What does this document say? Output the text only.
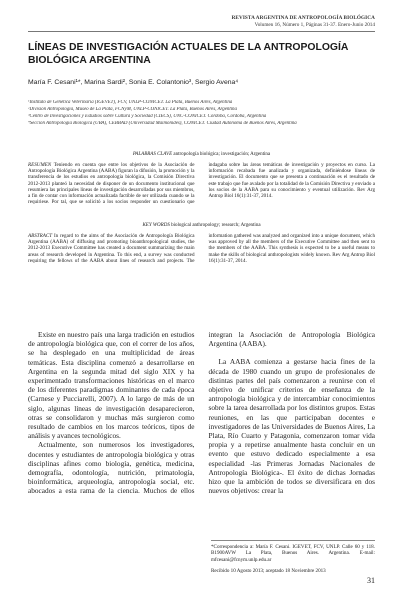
REVISTA ARGENTINA DE ANTROPOLOGÍA BIOLÓGICA
Volumen 16, Número 1, Páginas 31-37. Enero-Junio 2014
LÍNEAS DE INVESTIGACIÓN ACTUALES DE LA ANTROPOLOGÍA BIOLÓGICA ARGENTINA
María F. Cesani¹*, Marina Sardi², Sonia E. Colantonio³, Sergio Avena⁴
¹Instituto de Genética Veterinaria (IGEVET), FCV, UNLP-CONICET. La Plata, Buenos Aires, Argentina
²División Antropología, Museo de La Plata, FCNyM, UNLP-CONICET. La Plata, Buenos Aires, Argentina
³Centro de Investigaciones y Estudios sobre Cultura y Sociedad (CIECS), UNC-CONICET. Córdoba, Córdoba, Argentina
⁴Sección Antropología Biológica (UBA), CEBBAD (Universidad Maimónides), CONICET. Ciudad Autónoma de Buenos Aires, Argentina
PALABRAS CLAVE antropología biológica; investigación; Argentina
RESUMEN Teniendo en cuenta que entre los objetivos de la Asociación de Antropología Biológica Argentina (AABA) figuran la difusión, la promoción y la transferencia de los estudios en antropología biológica, la Comisión Directiva 2012-2013 planteó la necesidad de disponer de un documento institucional que resumiera las principales líneas de investigación desarrolladas por sus miembros, a fin de contar con información actualizada factible de ser utilizada cuando se la requiriese. Por tal, que se solicitó a los socios responder un cuestionario que indagaba sobre las áreas temáticas de investigación y proyectos en curso. La información recabada fue analizada y organizada, definiéndose líneas de investigación. El documento que se presenta a continuación es el resultado de este trabajo que fue avalado por la totalidad de la Comisión Directiva y enviado a los socios de la AABA para su conocimiento y eventual utilización. Rev Arg Antrop Biol 16(1):31-37, 2014.
KEY WORDS biological anthropology; research; Argentina
ABSTRACT In regard to the aims of the Asociación de Antropología Biológica Argentina (AABA) of diffusing and promoting bioanthropological studies, the 2012-2013 Executive Committee has created a document summarizing the main areas of research developed in Argentina. To this end, a survey was conducted requiring the fellows of the AABA about lines of research and projects. The information gathered was analyzed and organized into a unique document, which was approved by all the members of the Executive Committee and then sent to the members of the AABA. This synthesis is expected to be a useful means to make the skills of biological anthropologists widely known. Rev Arg Antrop Biol 16(1):31-37, 2014.

Existe en nuestro país una larga tradición en estudios de antropología biológica que, con el correr de los años, se ha desplegado en una multiplicidad de áreas temáticas. Esta disciplina comenzó a desarrollarse en Argentina en la segunda mitad del siglo XIX y ha experimentado transformaciones históricas en el marco de los diferentes paradigmas dominantes de cada época (Carnese y Pucciarelli, 2007). A lo largo de más de un siglo, algunas líneas de investigación desaparecieron, otras se consolidaron y muchas más surgieron como resultado de cambios en los marcos teóricos, tipos de análisis y avances tecnológicos.

Actualmente, son numerosos los investigadores, docentes y estudiantes de antropología biológica y otras disciplinas afines como biología, genética, medicina, demografía, odontología, nutrición, primatología, bioinformática, arqueología, antropología social, etc. abocados a esta rama de la ciencia. Muchos de ellos integran la Asociación de Antropología Biológica Argentina (AABA).

La AABA comienza a gestarse hacia fines de la década de 1980 cuando un grupo de profesionales de distintas partes del país comenzaron a reunirse con el objetivo de unificar criterios de enseñanza de la antropología biológica y de intercambiar conocimientos sobre la tarea desarrollada por los distintos grupos. Estas reuniones, en las que participaban docentes e investigadores de las Universidades de Buenos Aires, La Plata, Río Cuarto y Patagonia, comenzaron tomar vida propia y a repetirse anualmente hasta concluir en un evento que estuvo dedicado especialmente a esa especialidad -las Primeras Jornadas Nacionales de Antropología Biológica-. El éxito de dichas Jornadas hizo que la ambición de todos se diversificara en dos nuevos objetivos: crear la

*Correspondencia a: María F. Cesani. IGEVET, FCV, UNLP. Calle 60 y 118. B1900AVW La Plata, Buenos Aires. Argentina. E-mail: mfcesani@fcnym.unlp.edu.ar
Recibido 10 Agosto 2013; aceptado 18 Noviembre 2013
31
